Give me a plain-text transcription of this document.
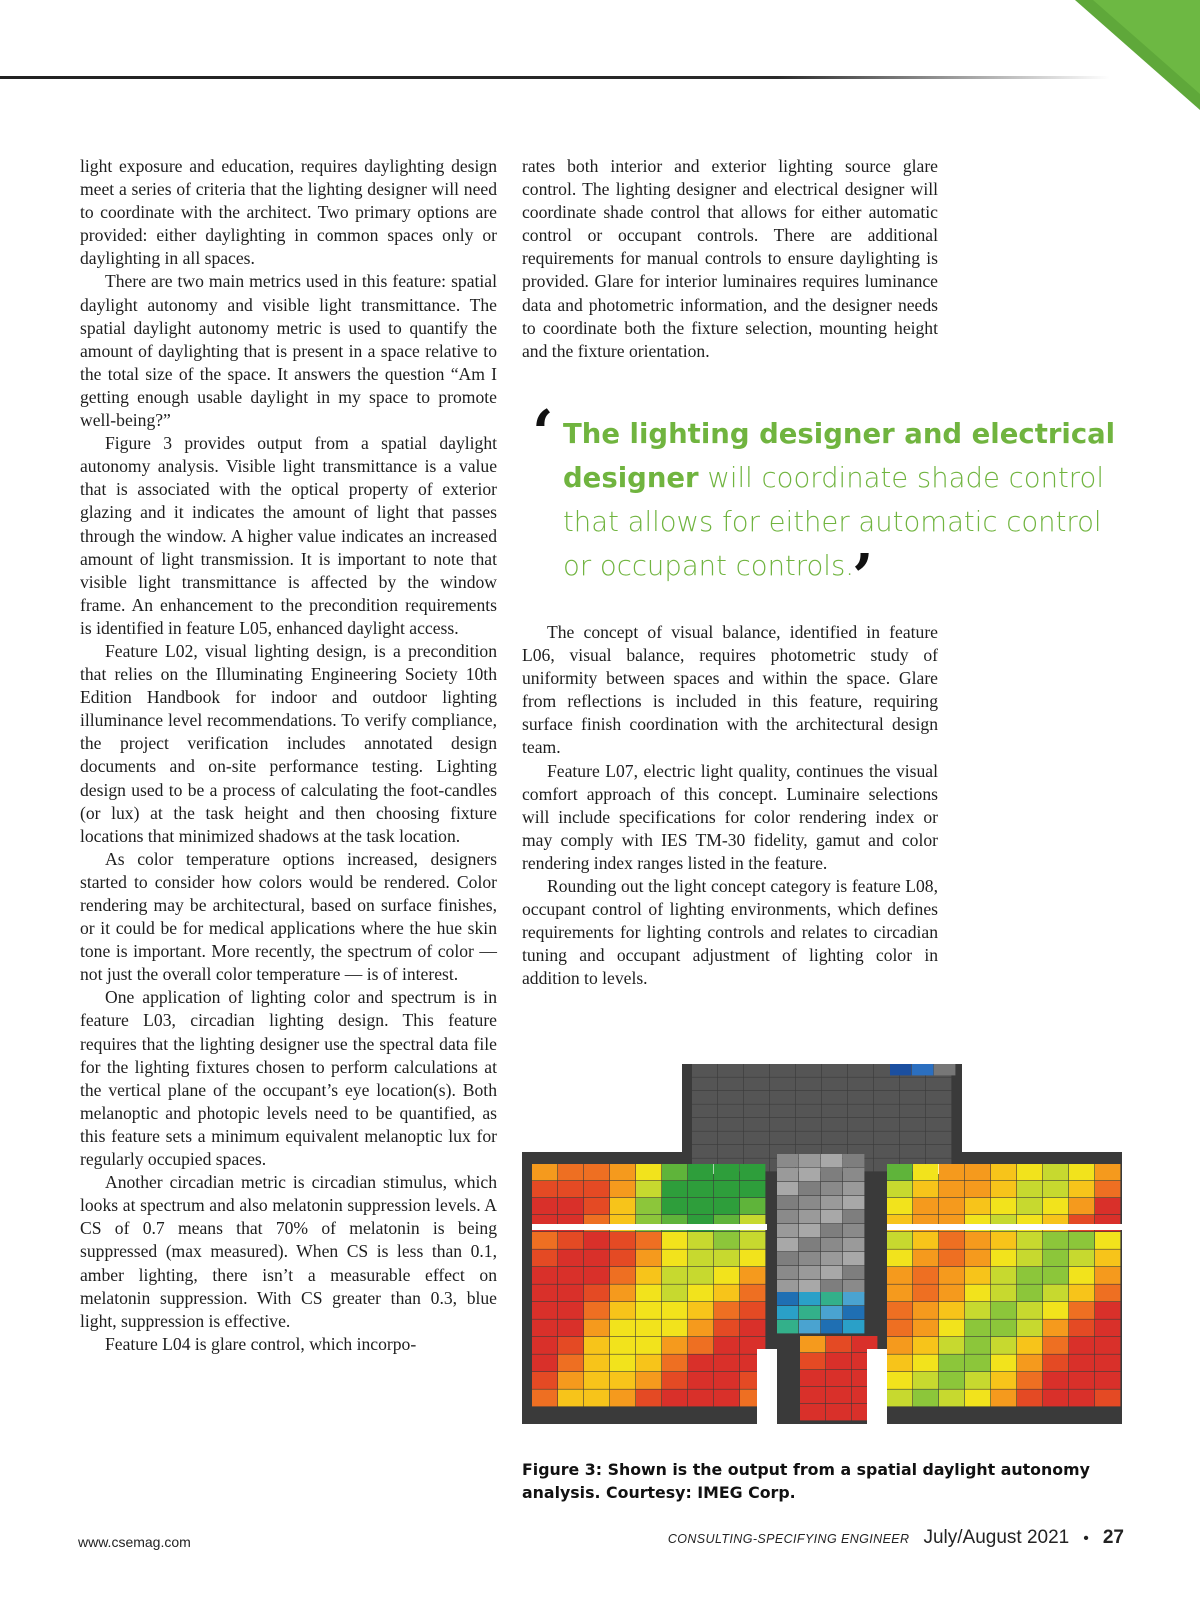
light exposure and education, requires daylighting design meet a series of criteria that the lighting designer will need to coordinate with the architect. Two primary options are provided: either daylighting in common spaces only or daylighting in all spaces.

There are two main metrics used in this feature: spatial daylight autonomy and visible light transmittance. The spatial daylight autonomy metric is used to quantify the amount of daylighting that is present in a space relative to the total size of the space. It answers the question “Am I getting enough usable daylight in my space to promote well-being?”

Figure 3 provides output from a spatial daylight autonomy analysis. Visible light transmittance is a value that is associated with the optical property of exterior glazing and it indicates the amount of light that passes through the window. A higher value indicates an increased amount of light transmission. It is important to note that visible light transmittance is affected by the window frame. An enhancement to the precondition requirements is identified in feature L05, enhanced daylight access.

Feature L02, visual lighting design, is a precondition that relies on the Illuminating Engineering Society 10th Edition Handbook for indoor and outdoor lighting illuminance level recommendations. To verify compliance, the project verification includes annotated design documents and on-site performance testing. Lighting design used to be a process of calculating the foot-candles (or lux) at the task height and then choosing fixture locations that minimized shadows at the task location.

As color temperature options increased, designers started to consider how colors would be rendered. Color rendering may be architectural, based on surface finishes, or it could be for medical applications where the hue skin tone is important. More recently, the spectrum of color — not just the overall color temperature — is of interest.

One application of lighting color and spectrum is in feature L03, circadian lighting design. This feature requires that the lighting designer use the spectral data file for the lighting fixtures chosen to perform calculations at the vertical plane of the occupant’s eye location(s). Both melanoptic and photopic levels need to be quantified, as this feature sets a minimum equivalent melanoptic lux for regularly occupied spaces.

Another circadian metric is circadian stimulus, which looks at spectrum and also melatonin suppression levels. A CS of 0.7 means that 70% of melatonin is being suppressed (max measured). When CS is less than 0.1, amber lighting, there isn’t a measurable effect on melatonin suppression. With CS greater than 0.3, blue light, suppression is effective.

Feature L04 is glare control, which incorpo-

rates both interior and exterior lighting source glare control. The lighting designer and electrical designer will coordinate shade control that allows for either automatic control or occupant controls. There are additional requirements for manual controls to ensure daylighting is provided. Glare for interior luminaires requires luminance data and photometric information, and the designer needs to coordinate both the fixture selection, mounting height and the fixture orientation.

‘ The lighting designer and electrical designer will coordinate shade control that allows for either automatic control or occupant controls.
’

The concept of visual balance, identified in feature L06, visual balance, requires photometric study of uniformity between spaces and within the space. Glare from reflections is included in this feature, requiring surface finish coordination with the architectural design team.

Feature L07, electric light quality, continues the visual comfort approach of this concept. Luminaire selections will include specifications for color rendering index or may comply with IES TM-30 fidelity, gamut and color rendering index ranges listed in the feature.

Rounding out the light concept category is feature L08, occupant control of lighting environments, which defines requirements for lighting controls and relates to circadian tuning and occupant adjustment of lighting color in addition to levels.

Figure 3: Shown is the output from a spatial daylight autonomy analysis. Courtesy: IMEG Corp.
www.csemag.com	CONSULTING-SPECIFYING ENGINEER July/August 2021 • 27
